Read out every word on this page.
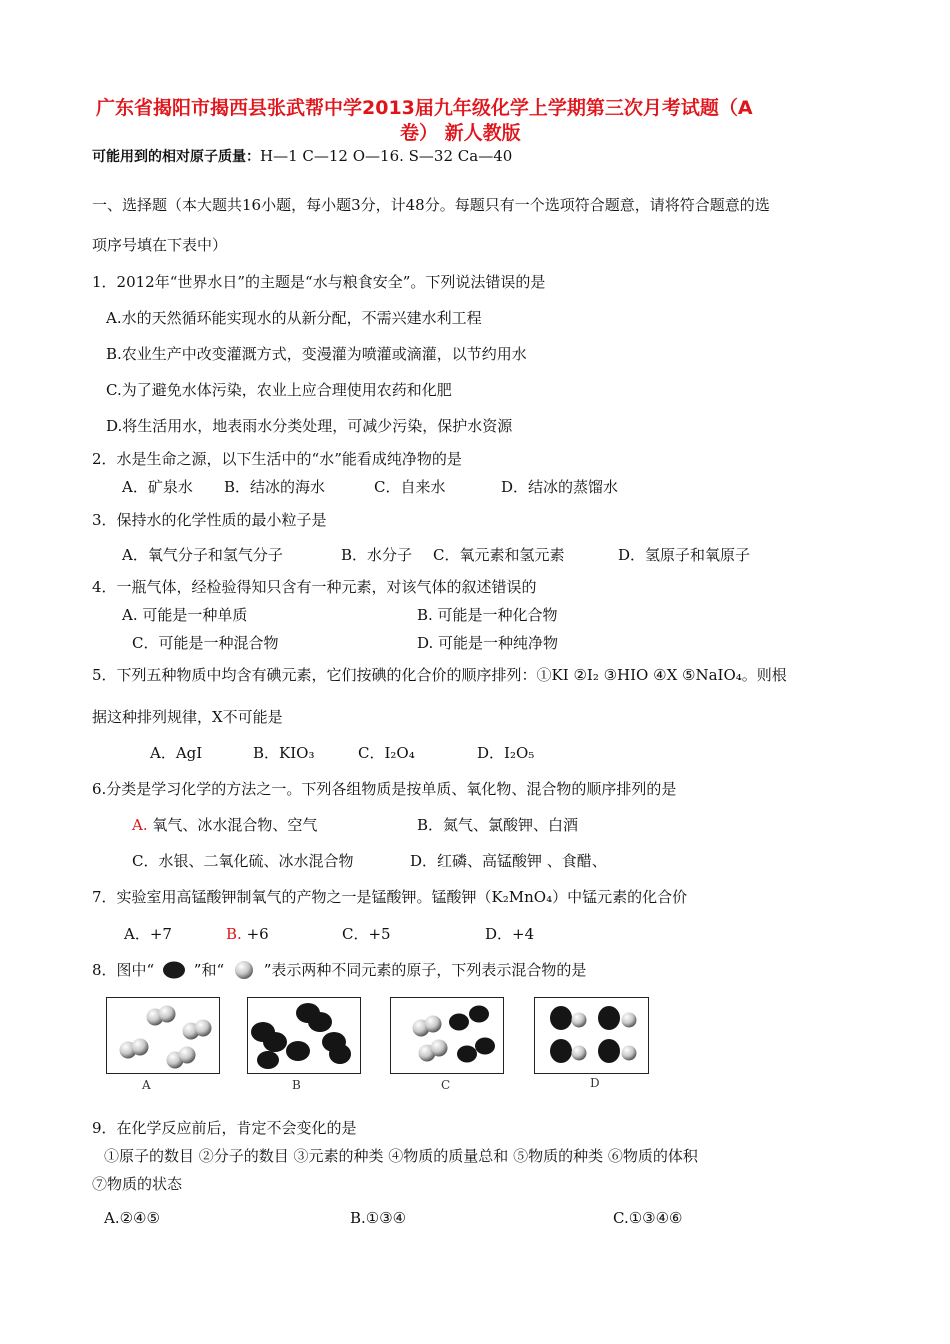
广东省揭阳市揭西县张武帮中学2013届九年级化学上学期第三次月考试题（A
卷） 新人教版
可能用到的相对原子质量：H—1 C—12 O—16. S—32 Ca—40
一、选择题（本大题共16小题，每小题3分，计48分。每题只有一个选项符合题意，请将符合题意的选
项序号填在下表中）
1．2012年“世界水日”的主题是“水与粮食安全”。下列说法错误的是
A.水的天然循环能实现水的从新分配，不需兴建水利工程
B.农业生产中改变灌溉方式，变漫灌为喷灌或滴灌，以节约用水
C.为了避免水体污染，农业上应合理使用农药和化肥
D.将生活用水，地表雨水分类处理，可减少污染，保护水资源
2．水是生命之源，以下生活中的“水”能看成纯净物的是
A．矿泉水 B．结冰的海水	C．自来水	D．结冰的蒸馏水
3．保持水的化学性质的最小粒子是
A．氧气分子和氢气分子	B．水分子 C．氧元素和氢元素	D．氢原子和氧原子
4．一瓶气体，经检验得知只含有一种元素，对该气体的叙述错误的
A. 可能是一种单质	B. 可能是一种化合物
C．可能是一种混合物	D. 可能是一种纯净物
5．下列五种物质中均含有碘元素，它们按碘的化合价的顺序排列：①KI ②I₂ ③HIO ④X ⑤NaIO₄。则根
据这种排列规律，X不可能是
A．AgI	B．KIO₃	C．I₂O₄	D．I₂O₅
6.分类是学习化学的方法之一。下列各组物质是按单质、氧化物、混合物的顺序排列的是
A. 氧气、冰水混合物、空气	B．氮气、氯酸钾、白酒
C．水银、二氧化硫、冰水混合物	D．红磷、高锰酸钾 、食醋、
7．实验室用高锰酸钾制氧气的产物之一是锰酸钾。锰酸钾（K₂MnO₄）中锰元素的化合价
A．+7	B. +6	C．+5	D．+4
8．图中“	”和“	”表示两种不同元素的原子，下列表示混合物的是
A	B	C	D
9．在化学反应前后，肯定不会变化的是
①原子的数目 ②分子的数目 ③元素的种类 ④物质的质量总和 ⑤物质的种类 ⑥物质的体积
⑦物质的状态
A.②④⑤	B.①③④	C.①③④⑥
